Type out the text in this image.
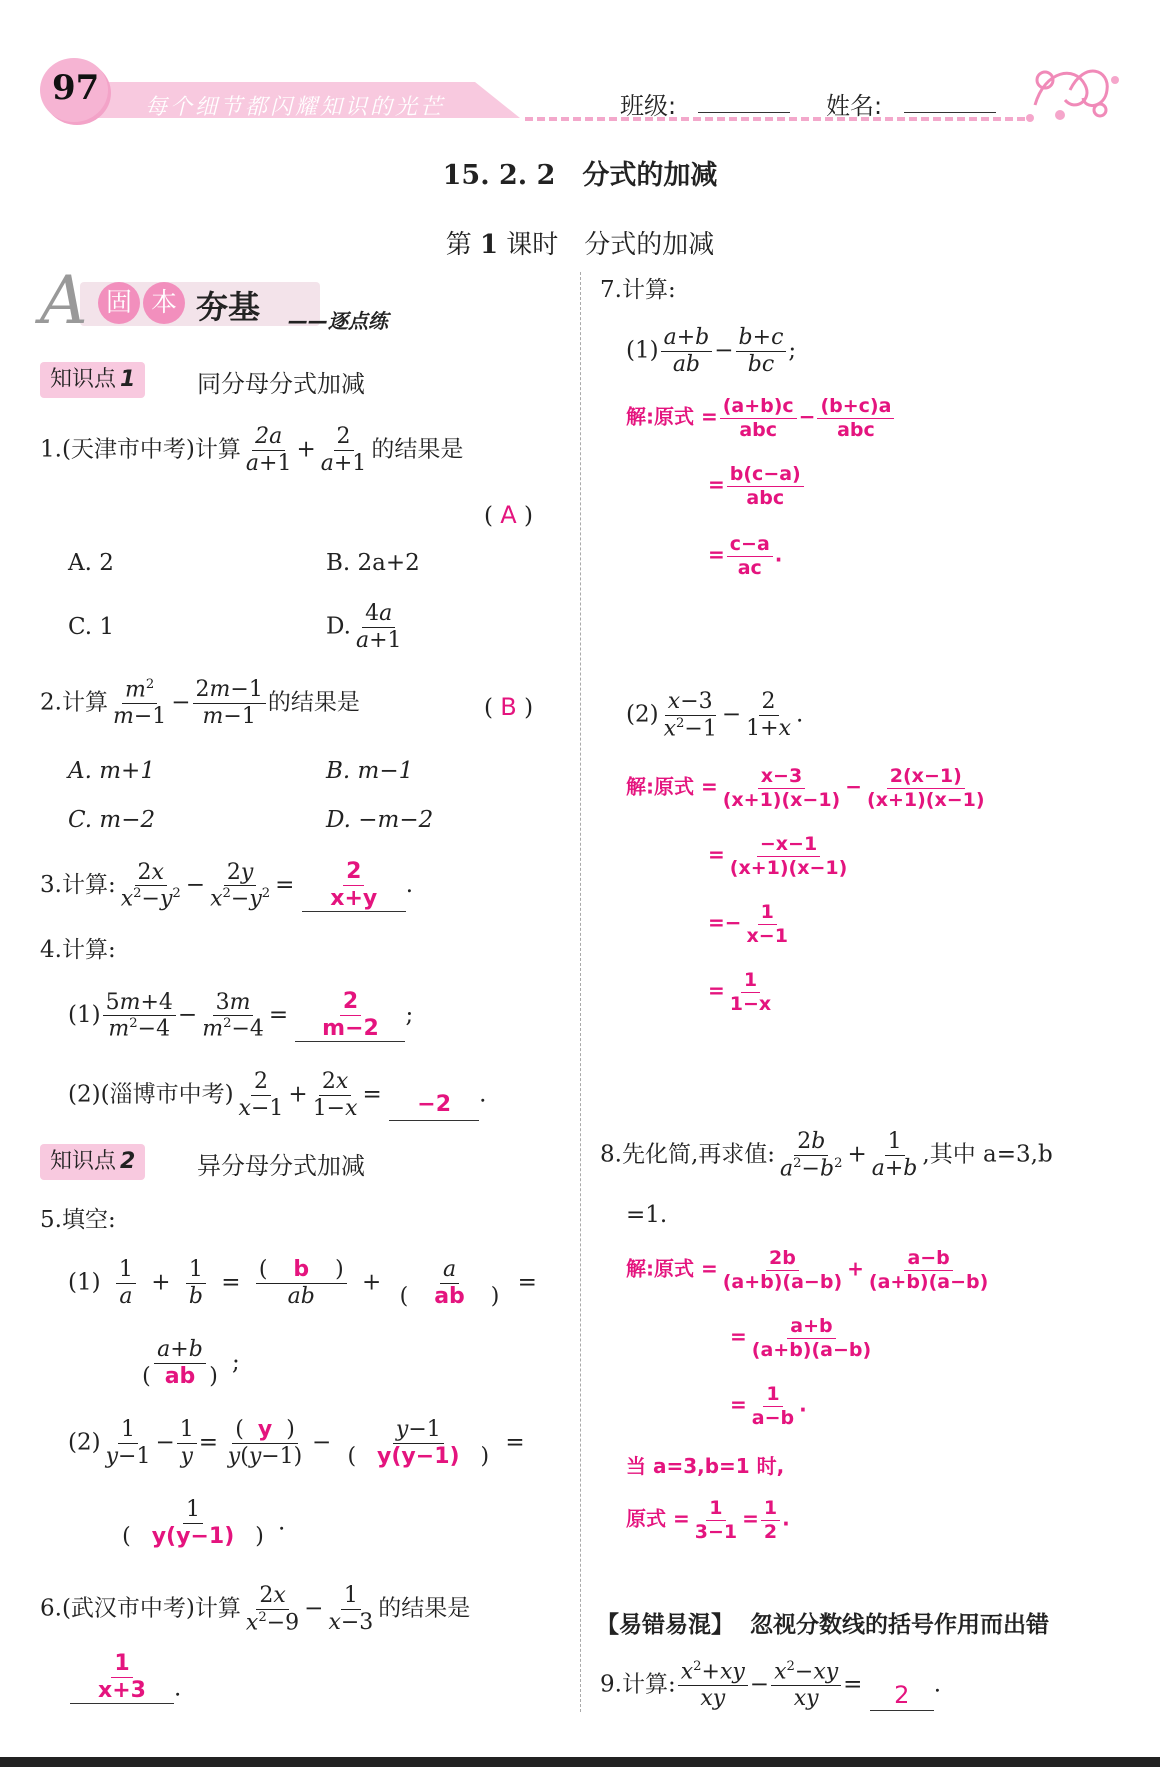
每个细节都闪耀知识的光芒
97	班级:	姓名:
15. 2. 2　分式的加减
第 1 课时　分式的加减
A 固 本 夯基 ——逐点练
知识点 1	同分母分式加减
1.(天津市中考)计算 $\frac{2a}{a+1} + \frac{2}{a+1}$ 的结果是
( A )
A. 2	B. 2a+2
C. 1	D. $\frac{4a}{a+1}$
2.计算 $\frac{m^2}{m-1} - \frac{2m-1}{m-1}$ 的结果是	( B )
A. m+1	B. m−1
C. m−2	D. −m−2
3.计算: $\frac{2x}{x^2-y^2} - \frac{2y}{x^2-y^2} = \frac{2}{x+y}$ .
4.计算:
$(1) \frac{5m+4}{m^2-4} - \frac{3m}{m^2-4} = \frac{2}{m-2}$ ;
(2)(淄博市中考) $\frac{2}{x-1} + \frac{2x}{1-x} = -2$ .
知识点 2	异分母分式加减
5.填空:
$(1) \frac{1}{a} + \frac{1}{b} = \frac{( b )}{ab} + \frac{a}{( ab )}$ =
$\frac{a+b}{( ab )}$ ;
$(2) \frac{1}{y-1} - \frac{1}{y} = \frac{( y )}{y(y-1)} - \frac{y-1}{( y(y-1) )}$ =
$\frac{1}{( y(y-1) )}$ .
6.(武汉市中考)计算 $\frac{2x}{x^2-9} - \frac{1}{x-3}$ 的结果是
$\frac{1}{x+3}$ .
7.计算:
$(1) \frac{a+b}{ab} - \frac{b+c}{bc}$ ;
解:原式 = $\frac{(a+b)c}{\text{abc}} - \frac{(b+c)a}{\text{abc}}$
= $\frac{b(c-a)}{\text{abc}}$
= $\frac{c-a}{ac}$ .
$(2) \frac{x-3}{x^2-1} - \frac{2}{1+x}$ .
解:原式 = $\frac{x-3}{(x+1)(x-1)} - \frac{2(x-1)}{(x+1)(x-1)}$
= $\frac{-x-1}{(x+1)(x-1)}$
=− $\frac{1}{x-1}$
= $\frac{1}{1-x}$
8.先化简,再求值: $\frac{2b}{a^2-b^2} + \frac{1}{a+b}$ ,其中 a=3,b
=1.
解:原式 = $\frac{2b}{(a+b)(a-b)} + \frac{a-b}{(a+b)(a-b)}$
= $\frac{a+b}{(a+b)(a-b)}$
= $\frac{1}{a-b}$ .
当 a=3,b=1 时,
原式 = $\frac{1}{3-1} = \frac{1}{2}$ .
【易错易混】 忽视分数线的括号作用而出错
9.计算: $\frac{x^2+xy}{xy} - \frac{x^2-xy}{xy} = 2$ .
